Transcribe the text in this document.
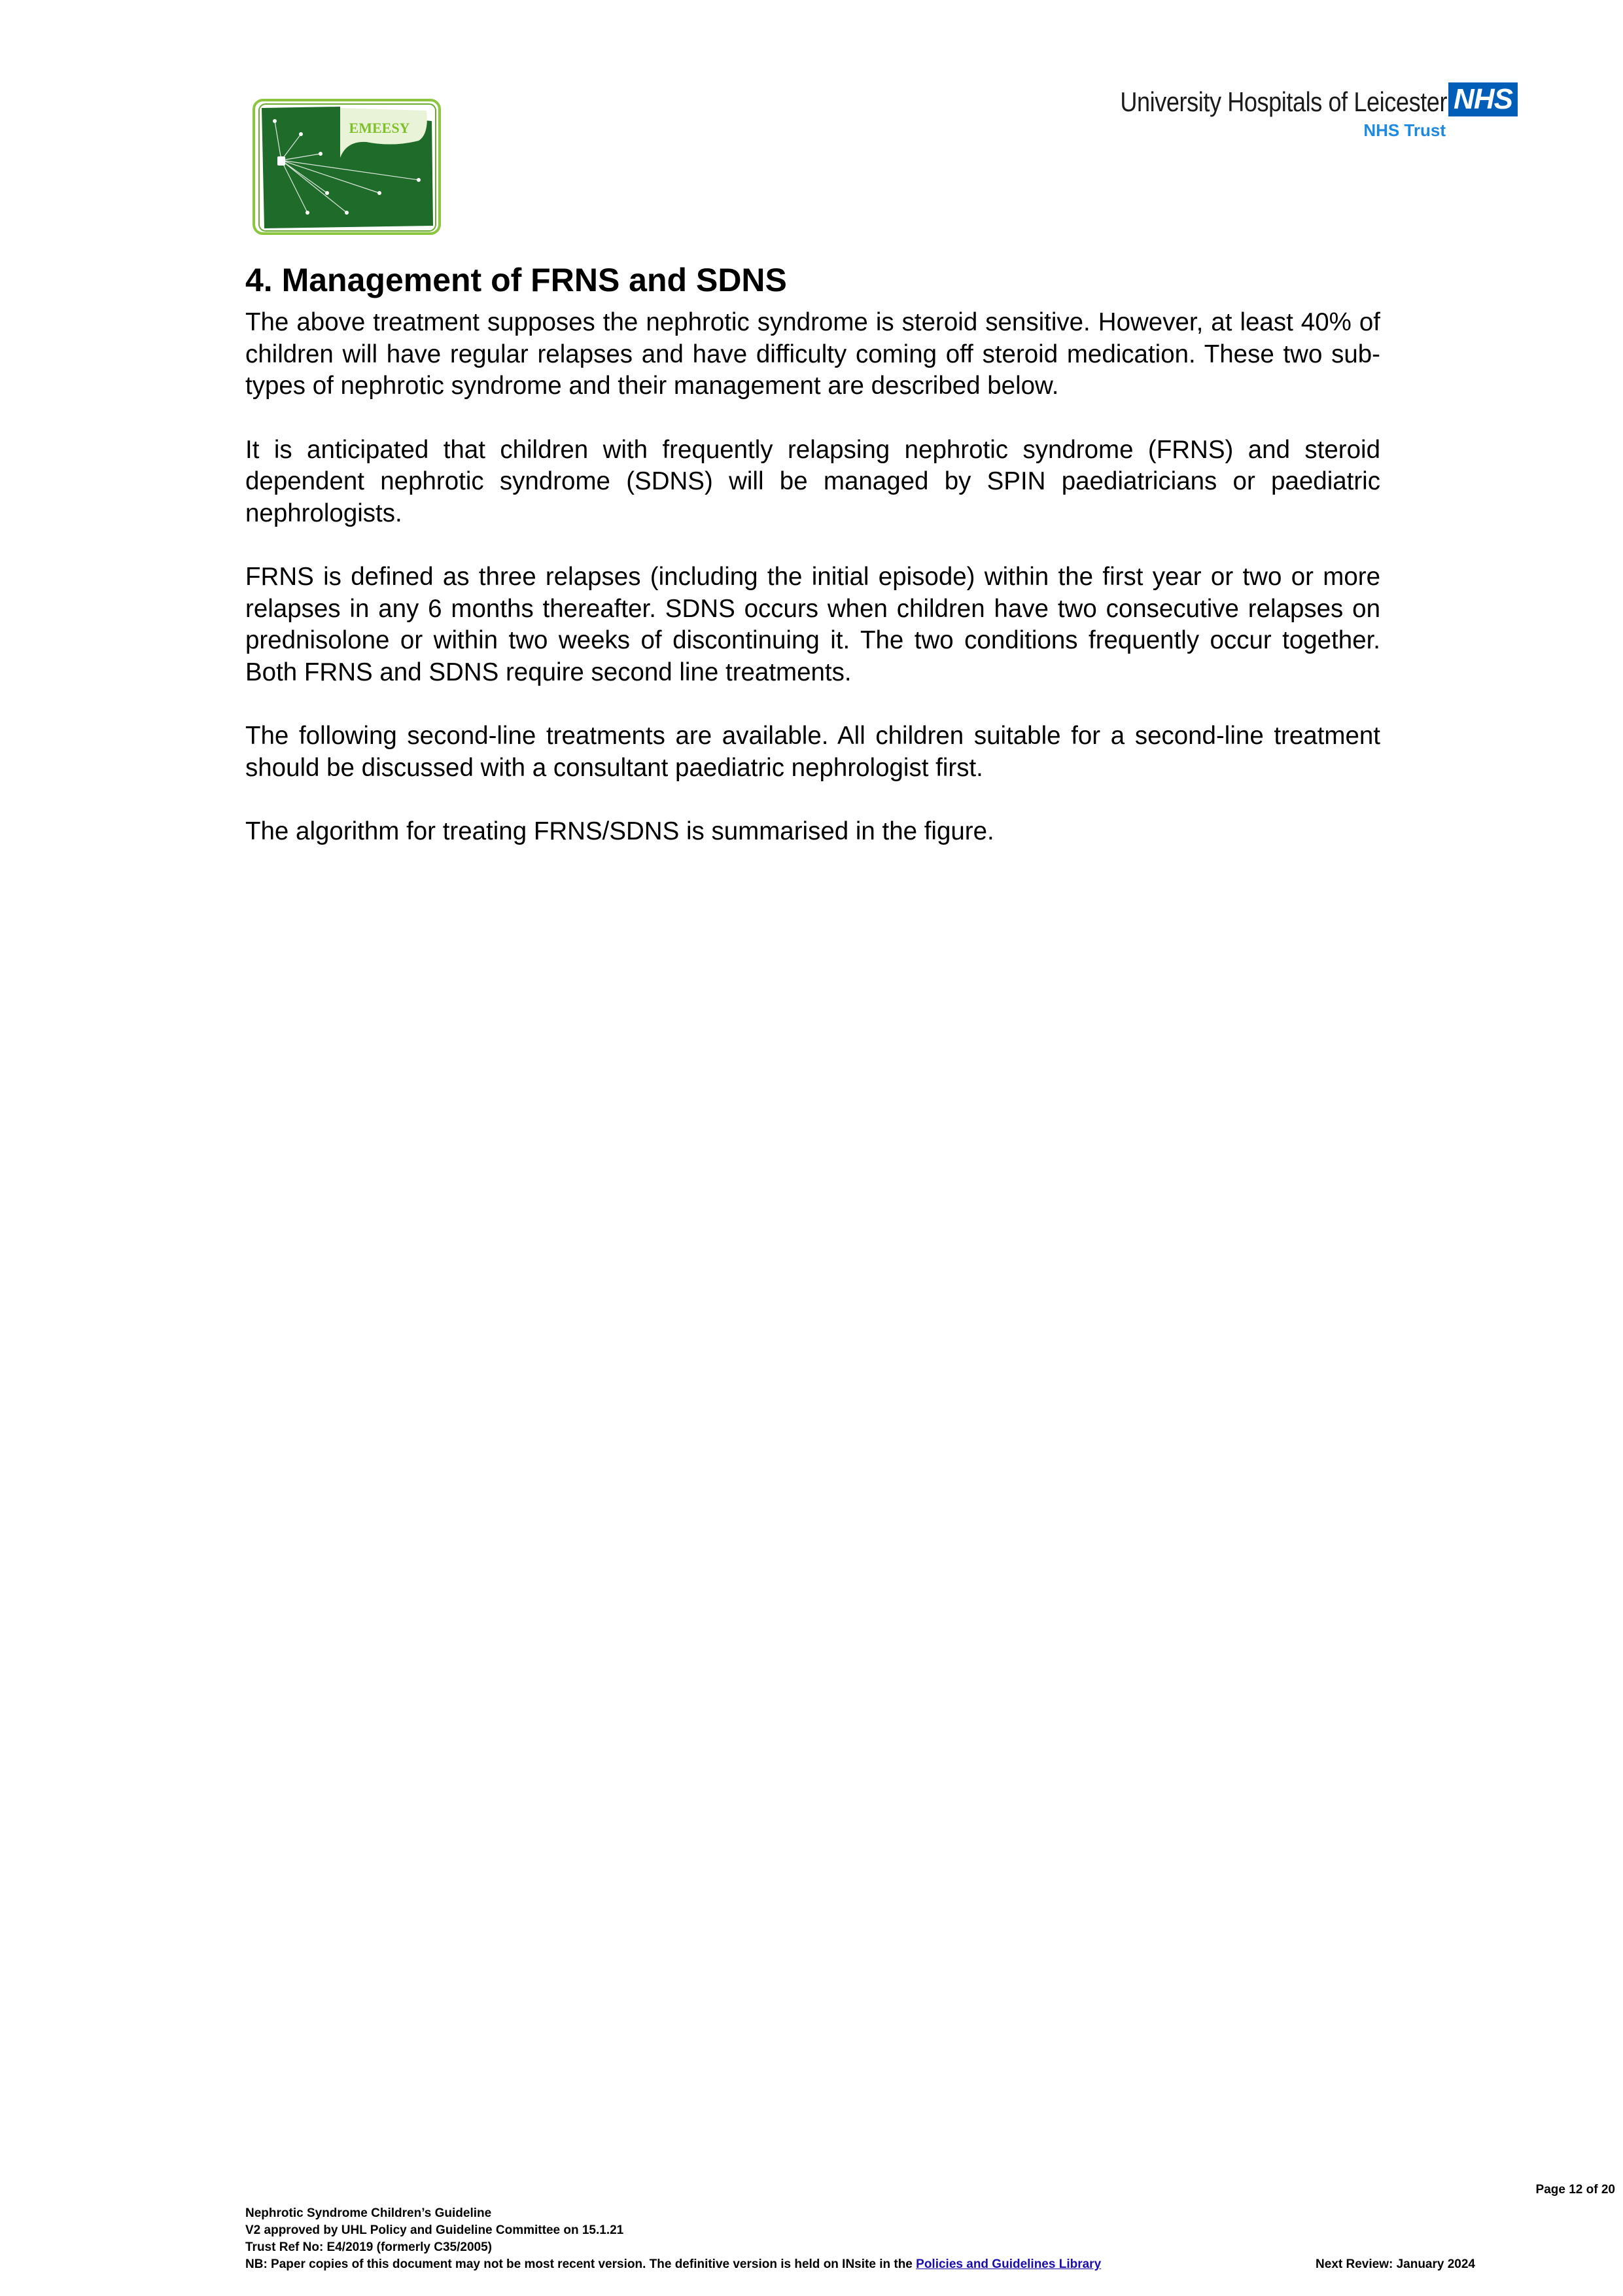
EMEESY
University Hospitals of Leicester NHS
NHS Trust
4. Management of FRNS and SDNS

The above treatment supposes the nephrotic syndrome is steroid sensitive. However, at least 40% of children will have regular relapses and have difficulty coming off steroid medication. These two sub-types of nephrotic syndrome and their management are described below.

It is anticipated that children with frequently relapsing nephrotic syndrome (FRNS) and steroid dependent nephrotic syndrome (SDNS) will be managed by SPIN paediatricians or paediatric nephrologists.

FRNS is defined as three relapses (including the initial episode) within the first year or two or more relapses in any 6 months thereafter. SDNS occurs when children have two consecutive relapses on prednisolone or within two weeks of discontinuing it. The two conditions frequently occur together. Both FRNS and SDNS require second line treatments.

The following second-line treatments are available. All children suitable for a second-line treatment should be discussed with a consultant paediatric nephrologist first.

The algorithm for treating FRNS/SDNS is summarised in the figure.

Page 12 of 20
Nephrotic Syndrome Children’s Guideline
V2 approved by UHL Policy and Guideline Committee on 15.1.21
Trust Ref No: E4/2019 (formerly C35/2005)
Next Review: January 2024
NB: Paper copies of this document may not be most recent version. The definitive version is held on INsite in the Policies and Guidelines Library
